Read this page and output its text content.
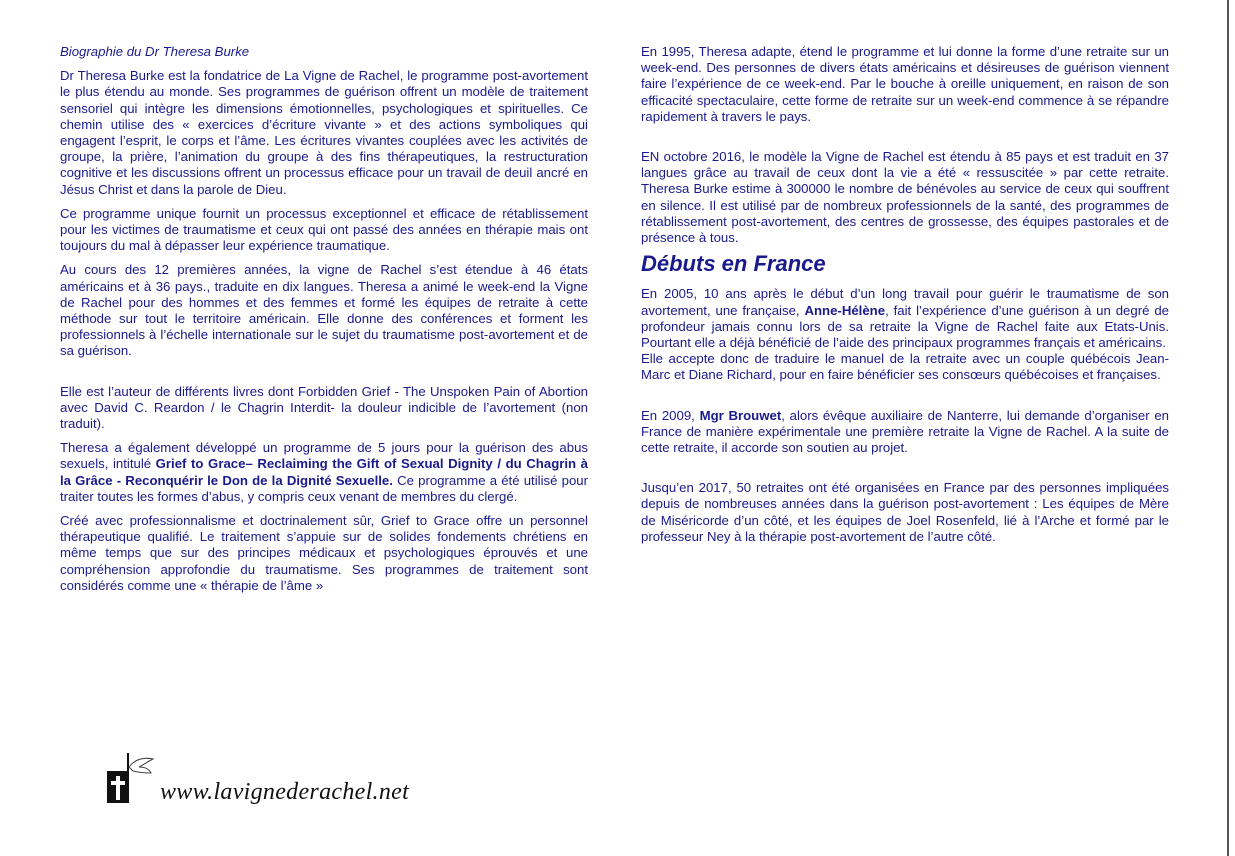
Biographie du Dr Theresa Burke

Dr Theresa Burke est la fondatrice de La Vigne de Rachel, le programme post-avortement le plus étendu au monde. Ses programmes de guérison offrent un modèle de traitement sensoriel qui intègre les dimensions émotionnelles, psychologiques et spirituelles. Ce chemin utilise des « exercices d’écriture vivante » et des actions symboliques qui engagent l’esprit, le corps et l’âme. Les écritures vivantes couplées avec les activités de groupe, la prière, l’animation du groupe à des fins thérapeutiques, la restructuration cognitive et les discussions offrent un processus efficace pour un travail de deuil ancré en Jésus Christ et dans la parole de Dieu.

Ce programme unique fournit un processus exceptionnel et efficace de rétablissement pour les victimes de traumatisme et ceux qui ont passé des années en thérapie mais ont toujours du mal à dépasser leur expérience traumatique.

Au cours des 12 premières années, la vigne de Rachel s’est étendue à 46 états américains et à 36 pays., traduite en dix langues. Theresa a animé le week-end la Vigne de Rachel pour des hommes et des femmes et formé les équipes de retraite à cette méthode sur tout le territoire américain. Elle donne des conférences et forment les professionnels à l’échelle internationale sur le sujet du traumatisme post-avortement et de sa guérison.

Elle est l’auteur de différents livres dont Forbidden Grief - The Unspoken Pain of Abortion avec David C. Reardon / le Chagrin Interdit- la douleur indicible de l’avortement (non traduit).

Theresa a également développé un programme de 5 jours pour la guérison des abus sexuels, intitulé Grief to Grace– Reclaiming the Gift of Sexual Dignity / du Chagrin à la Grâce - Reconquérir le Don de la Dignité Sexuelle. Ce programme a été utilisé pour traiter toutes les formes d’abus, y compris ceux venant de membres du clergé.

Créé avec professionnalisme et doctrinalement sûr, Grief to Grace offre un personnel thérapeutique qualifié. Le traitement s’appuie sur de solides fondements chrétiens en même temps que sur des principes médicaux et psychologiques éprouvés et une compréhension approfondie du traumatisme. Ses programmes de traitement sont considérés comme une « thérapie de l’âme »

En 1995, Theresa adapte, étend le programme et lui donne la forme d’une retraite sur un week-end. Des personnes de divers états américains et désireuses de guérison viennent faire l’expérience de ce week-end. Par le bouche à oreille uniquement, en raison de son efficacité spectaculaire, cette forme de retraite sur un week-end commence à se répandre rapidement à travers le pays.

EN octobre 2016, le modèle la Vigne de Rachel est étendu à 85 pays et est traduit en 37 langues grâce au travail de ceux dont la vie a été « ressuscitée » par cette retraite. Theresa Burke estime à 300000 le nombre de bénévoles au service de ceux qui souffrent en silence. Il est utilisé par de nombreux professionnels de la santé, des programmes de rétablissement post-avortement, des centres de grossesse, des équipes pastorales et de présence à tous.

Débuts en France

En 2005, 10 ans après le début d’un long travail pour guérir le traumatisme de son avortement, une française, Anne-Hélène, fait l’expérience d’une guérison à un degré de profondeur jamais connu lors de sa retraite la Vigne de Rachel faite aux Etats-Unis. Pourtant elle a déjà bénéficié de l’aide des principaux programmes français et américains.

Elle accepte donc de traduire le manuel de la retraite avec un couple québécois Jean-Marc et Diane Richard, pour en faire bénéficier ses consœurs québécoises et françaises.

En 2009, Mgr Brouwet, alors évêque auxiliaire de Nanterre, lui demande d’organiser en France de manière expérimentale une première retraite la Vigne de Rachel. A la suite de cette retraite, il accorde son soutien au projet.

Jusqu’en 2017, 50 retraites ont été organisées en France par des personnes impliquées depuis de nombreuses années dans la guérison post-avortement : Les équipes de Mère de Miséricorde d’un côté, et les équipes de Joel Rosenfeld, lié à l’Arche et formé par le professeur Ney à la thérapie post-avortement de l’autre côté.

www.lavignederachel.net
